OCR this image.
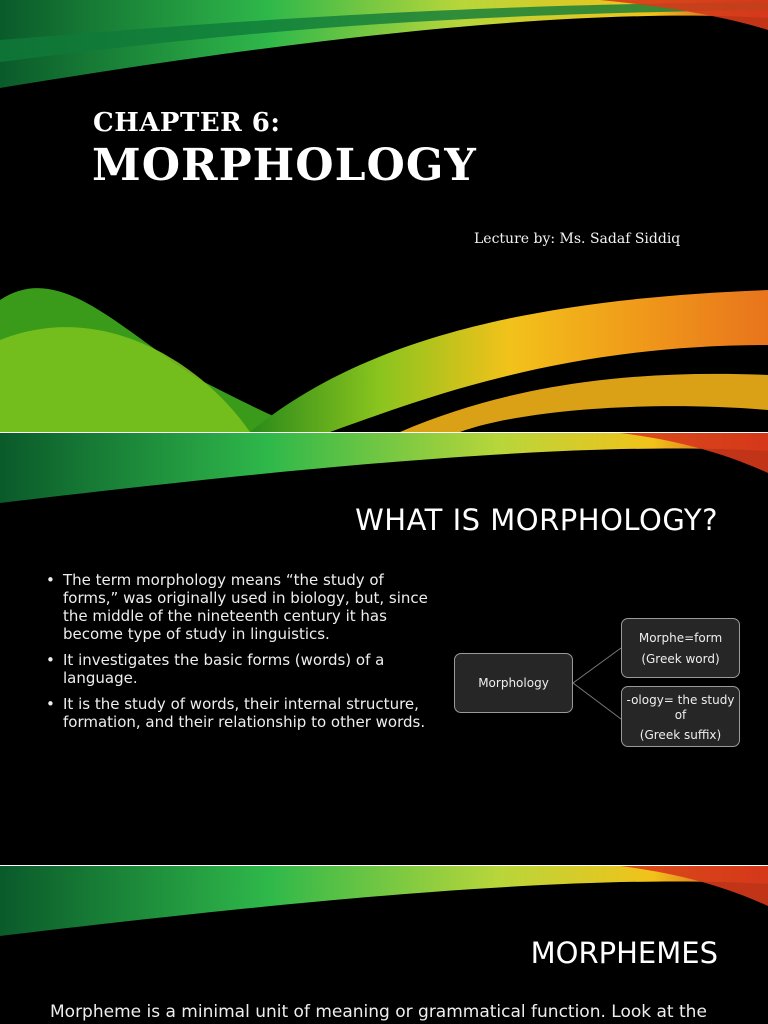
CHAPTER 6:
MORPHOLOGY
Lecture by: Ms. Sadaf Siddiq
WHAT IS MORPHOLOGY?
• The term morphology means “the study of forms,” was originally used in biology, but, since the middle of the nineteenth century it has become type of study in linguistics.
• It investigates the basic forms (words) of a language.
• It is the study of words, their internal structure, formation, and their relationship to other words.
Morphology
Morphe=form
(Greek word)
-ology= the study of
(Greek suffix)
MORPHEMES

Morpheme is a minimal unit of meaning or grammatical function. Look at the
